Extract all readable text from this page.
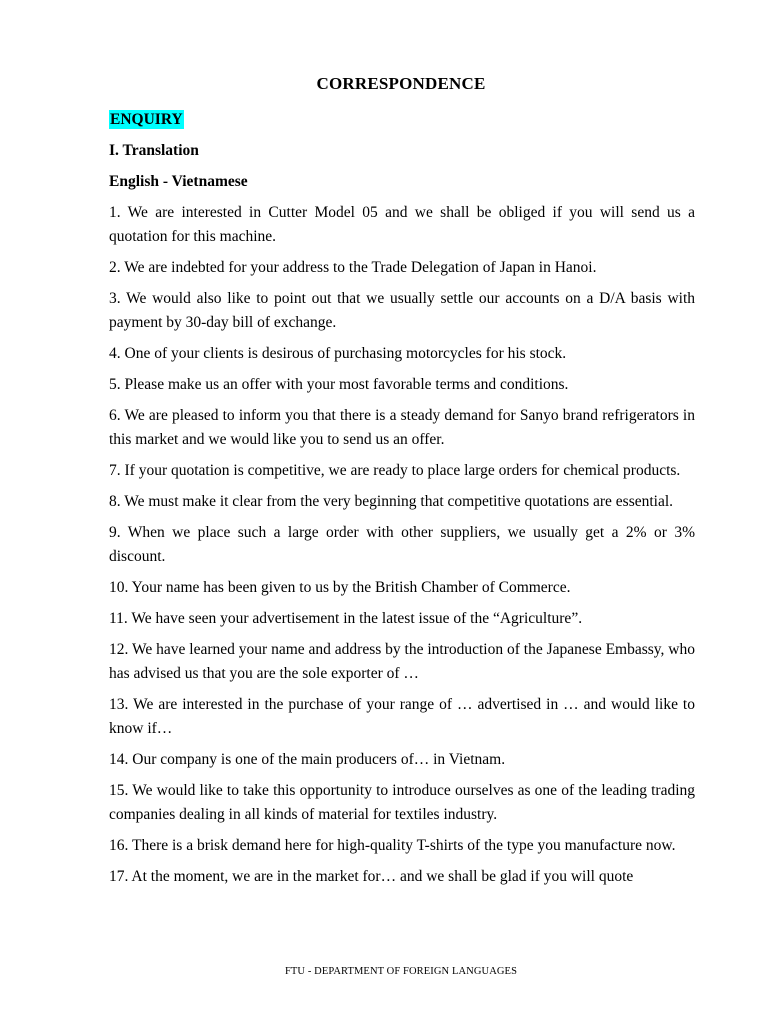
CORRESPONDENCE
ENQUIRY
I. Translation
English - Vietnamese
1. We are interested in Cutter Model 05 and we shall be obliged if you will send us a quotation for this machine.
2. We are indebted for your address to the Trade Delegation of Japan in Hanoi.
3. We would also like to point out that we usually settle our accounts on a D/A basis with payment by 30-day bill of exchange.
4. One of your clients is desirous of purchasing motorcycles for his stock.
5. Please make us an offer with your most favorable terms and conditions.
6. We are pleased to inform you that there is a steady demand for Sanyo brand refrigerators in this market and we would like you to send us an offer.
7. If your quotation is competitive, we are ready to place large orders for chemical products.
8. We must make it clear from the very beginning that competitive quotations are essential.
9. When we place such a large order with other suppliers, we usually get a 2% or 3% discount.
10. Your name has been given to us by the British Chamber of Commerce.
11. We have seen your advertisement in the latest issue of the “Agriculture”.
12. We have learned your name and address by the introduction of the Japanese Embassy, who has advised us that you are the sole exporter of …
13. We are interested in the purchase of your range of … advertised in … and would like to know if…
14. Our company is one of the main producers of… in Vietnam.
15. We would like to take this opportunity to introduce ourselves as one of the leading trading companies dealing in all kinds of material for textiles industry.
16. There is a brisk demand here for high-quality T-shirts of the type you manufacture now.
17. At the moment, we are in the market for… and we shall be glad if you will quote
FTU - DEPARTMENT OF FOREIGN LANGUAGES
